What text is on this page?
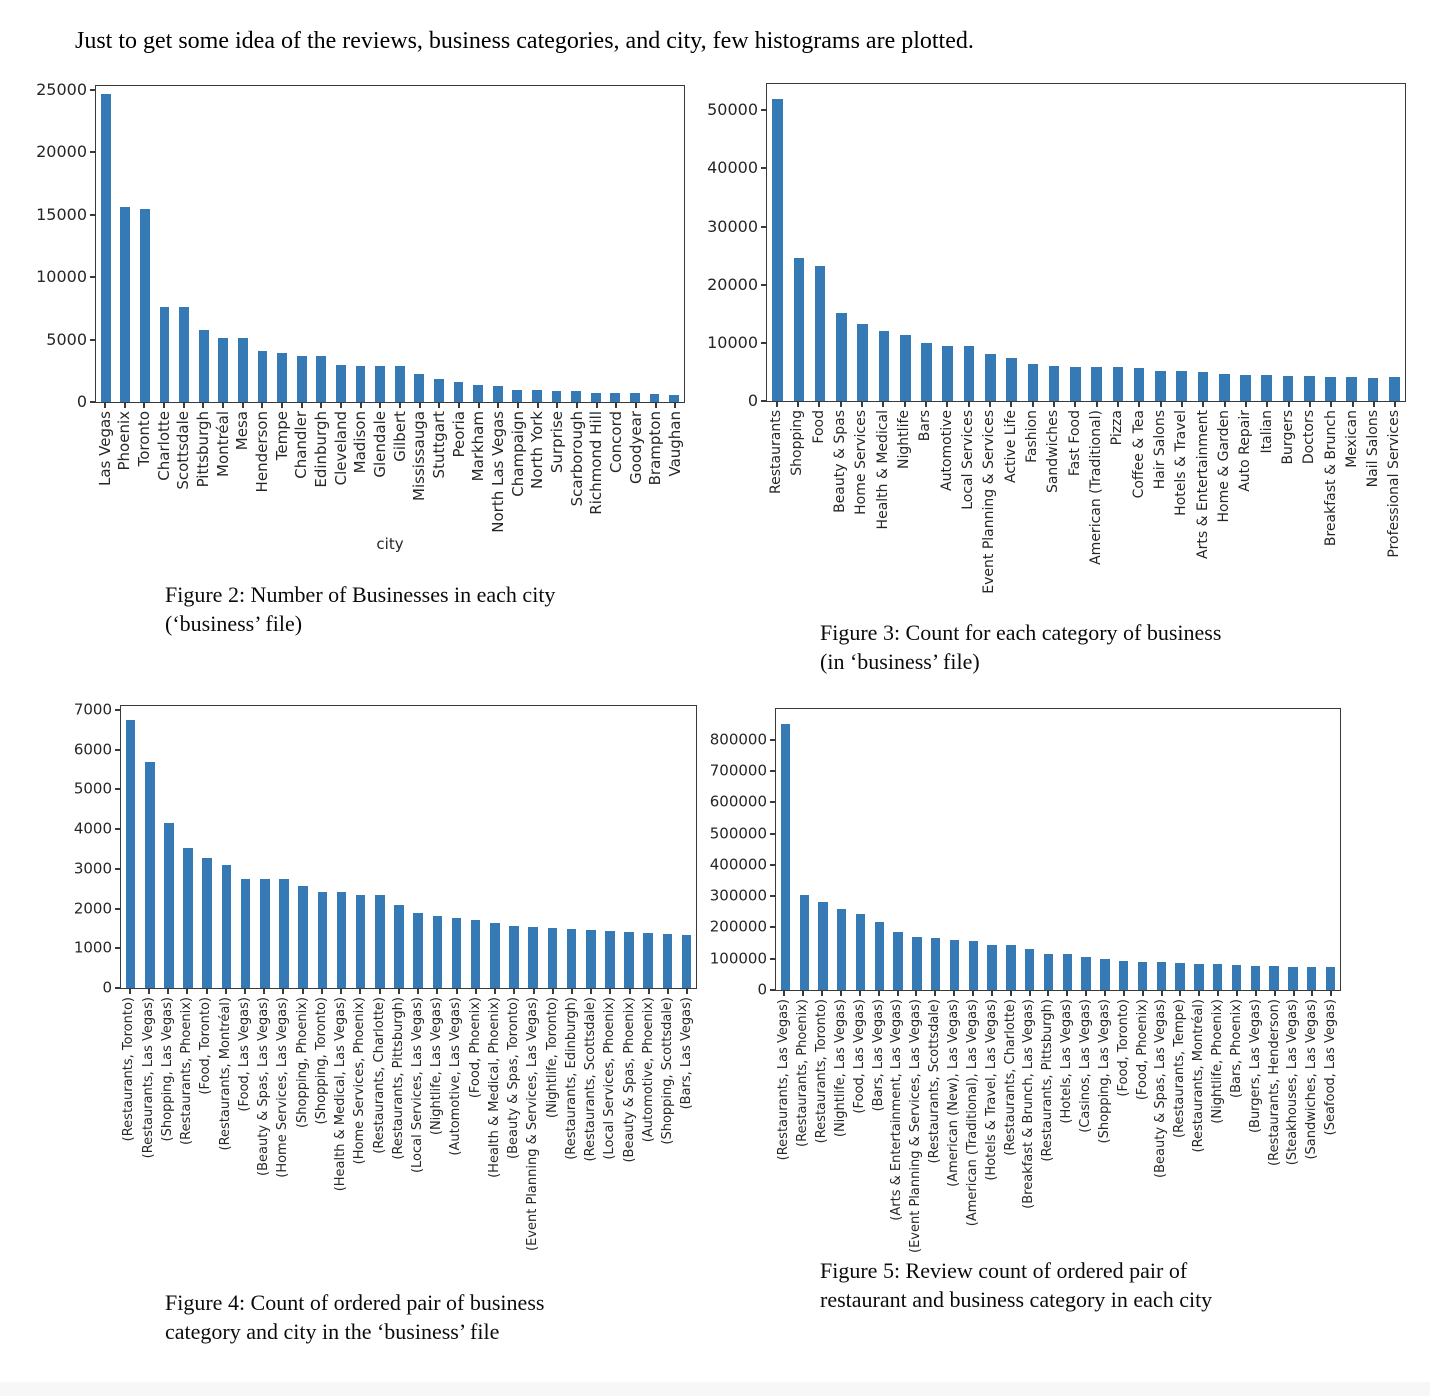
Just to get some idea of the reviews, business categories, and city, few histograms are plotted.
0
5000
10000
15000
20000
25000
Las Vegas Phoenix Toronto Charlotte Scottsdale Pittsburgh Montréal Mesa Henderson Tempe Chandler Edinburgh Cleveland Madison Glendale Gilbert Mississauga Stuttgart Peoria Markham North Las Vegas Champaign North York Surprise Scarborough Richmond Hill Concord Goodyear Brampton Vaughan
city
0
10000
20000
30000
40000
50000
Restaurants Shopping Food Beauty & Spas Home Services Health & Medical Nightlife Bars Automotive Local Services Event Planning & Services Active Life Fashion Sandwiches Fast Food American (Traditional) Pizza Coffee & Tea Hair Salons Hotels & Travel Arts & Entertainment Home & Garden Auto Repair Italian Burgers Doctors Breakfast & Brunch Mexican Nail Salons Professional Services
0
1000
2000
3000
4000
5000
6000
7000
(Restaurants, Toronto) (Restaurants, Las Vegas) (Shopping, Las Vegas) (Restaurants, Phoenix) (Food, Toronto) (Restaurants, Montréal) (Food, Las Vegas) (Beauty & Spas, Las Vegas) (Home Services, Las Vegas) (Shopping, Phoenix) (Shopping, Toronto) (Health & Medical, Las Vegas) (Home Services, Phoenix) (Restaurants, Charlotte) (Restaurants, Pittsburgh) (Local Services, Las Vegas) (Nightlife, Las Vegas) (Automotive, Las Vegas) (Food, Phoenix) (Health & Medical, Phoenix) (Beauty & Spas, Toronto) (Event Planning & Services, Las Vegas) (Nightlife, Toronto) (Restaurants, Edinburgh) (Restaurants, Scottsdale) (Local Services, Phoenix) (Beauty & Spas, Phoenix) (Automotive, Phoenix) (Shopping, Scottsdale) (Bars, Las Vegas)
0
100000
200000
300000
400000
500000
600000
700000
800000
(Restaurants, Las Vegas) (Restaurants, Phoenix) (Restaurants, Toronto) (Nightlife, Las Vegas) (Food, Las Vegas) (Bars, Las Vegas) (Arts & Entertainment, Las Vegas) (Event Planning & Services, Las Vegas) (Restaurants, Scottsdale) (American (New), Las Vegas) (American (Traditional), Las Vegas) (Hotels & Travel, Las Vegas) (Restaurants, Charlotte) (Breakfast & Brunch, Las Vegas) (Restaurants, Pittsburgh) (Hotels, Las Vegas) (Casinos, Las Vegas) (Shopping, Las Vegas) (Food, Toronto) (Food, Phoenix) (Beauty & Spas, Las Vegas) (Restaurants, Tempe) (Restaurants, Montréal) (Nightlife, Phoenix) (Bars, Phoenix) (Burgers, Las Vegas) (Restaurants, Henderson) (Steakhouses, Las Vegas) (Sandwiches, Las Vegas) (Seafood, Las Vegas)
Figure 2: Number of Businesses in each city
(‘business’ file)	Figure 3: Count for each category of business
(in ‘business’ file)
Figure 4: Count of ordered pair of business
category and city in the ‘business’ file
Figure 5: Review count of ordered pair of
restaurant and business category in each city
